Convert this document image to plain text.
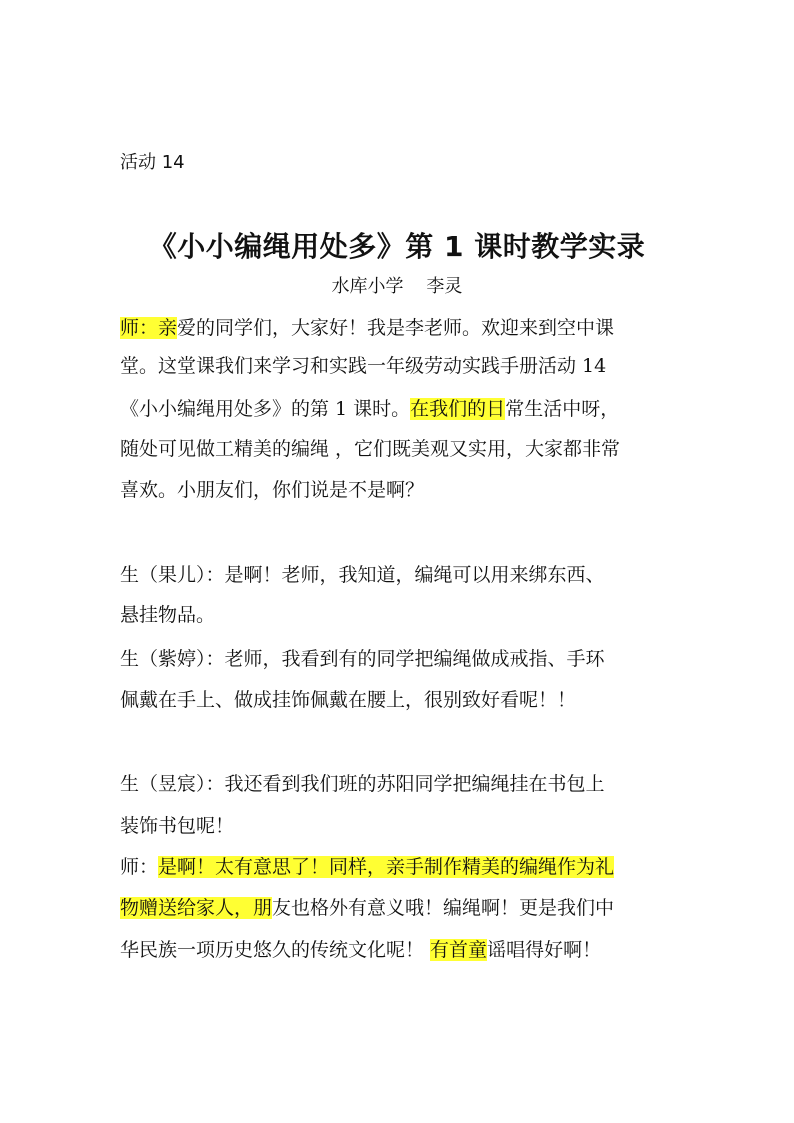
活动 14
《小小编绳用处多》第 1 课时教学实录
水库小学    李灵
师：亲爱的同学们，大家好！我是李老师。欢迎来到空中课
堂。这堂课我们来学习和实践一年级劳动实践手册活动 14
《小小编绳用处多》的第 1 课时。在我们的日常生活中呀，
随处可见做工精美的编绳 ，它们既美观又实用，大家都非常
喜欢。小朋友们，你们说是不是啊？
生（果儿）：是啊！老师，我知道，编绳可以用来绑东西、
悬挂物品。
生（紫婷）：老师，我看到有的同学把编绳做成戒指、手环
佩戴在手上、做成挂饰佩戴在腰上，很别致好看呢！！
生（昱宸）：我还看到我们班的苏阳同学把编绳挂在书包上
装饰书包呢！
师：是啊！太有意思了！同样，亲手制作精美的编绳作为礼
物赠送给家人，朋友也格外有意义哦！编绳啊！更是我们中
华民族一项历史悠久的传统文化呢！ 有首童谣唱得好啊！
